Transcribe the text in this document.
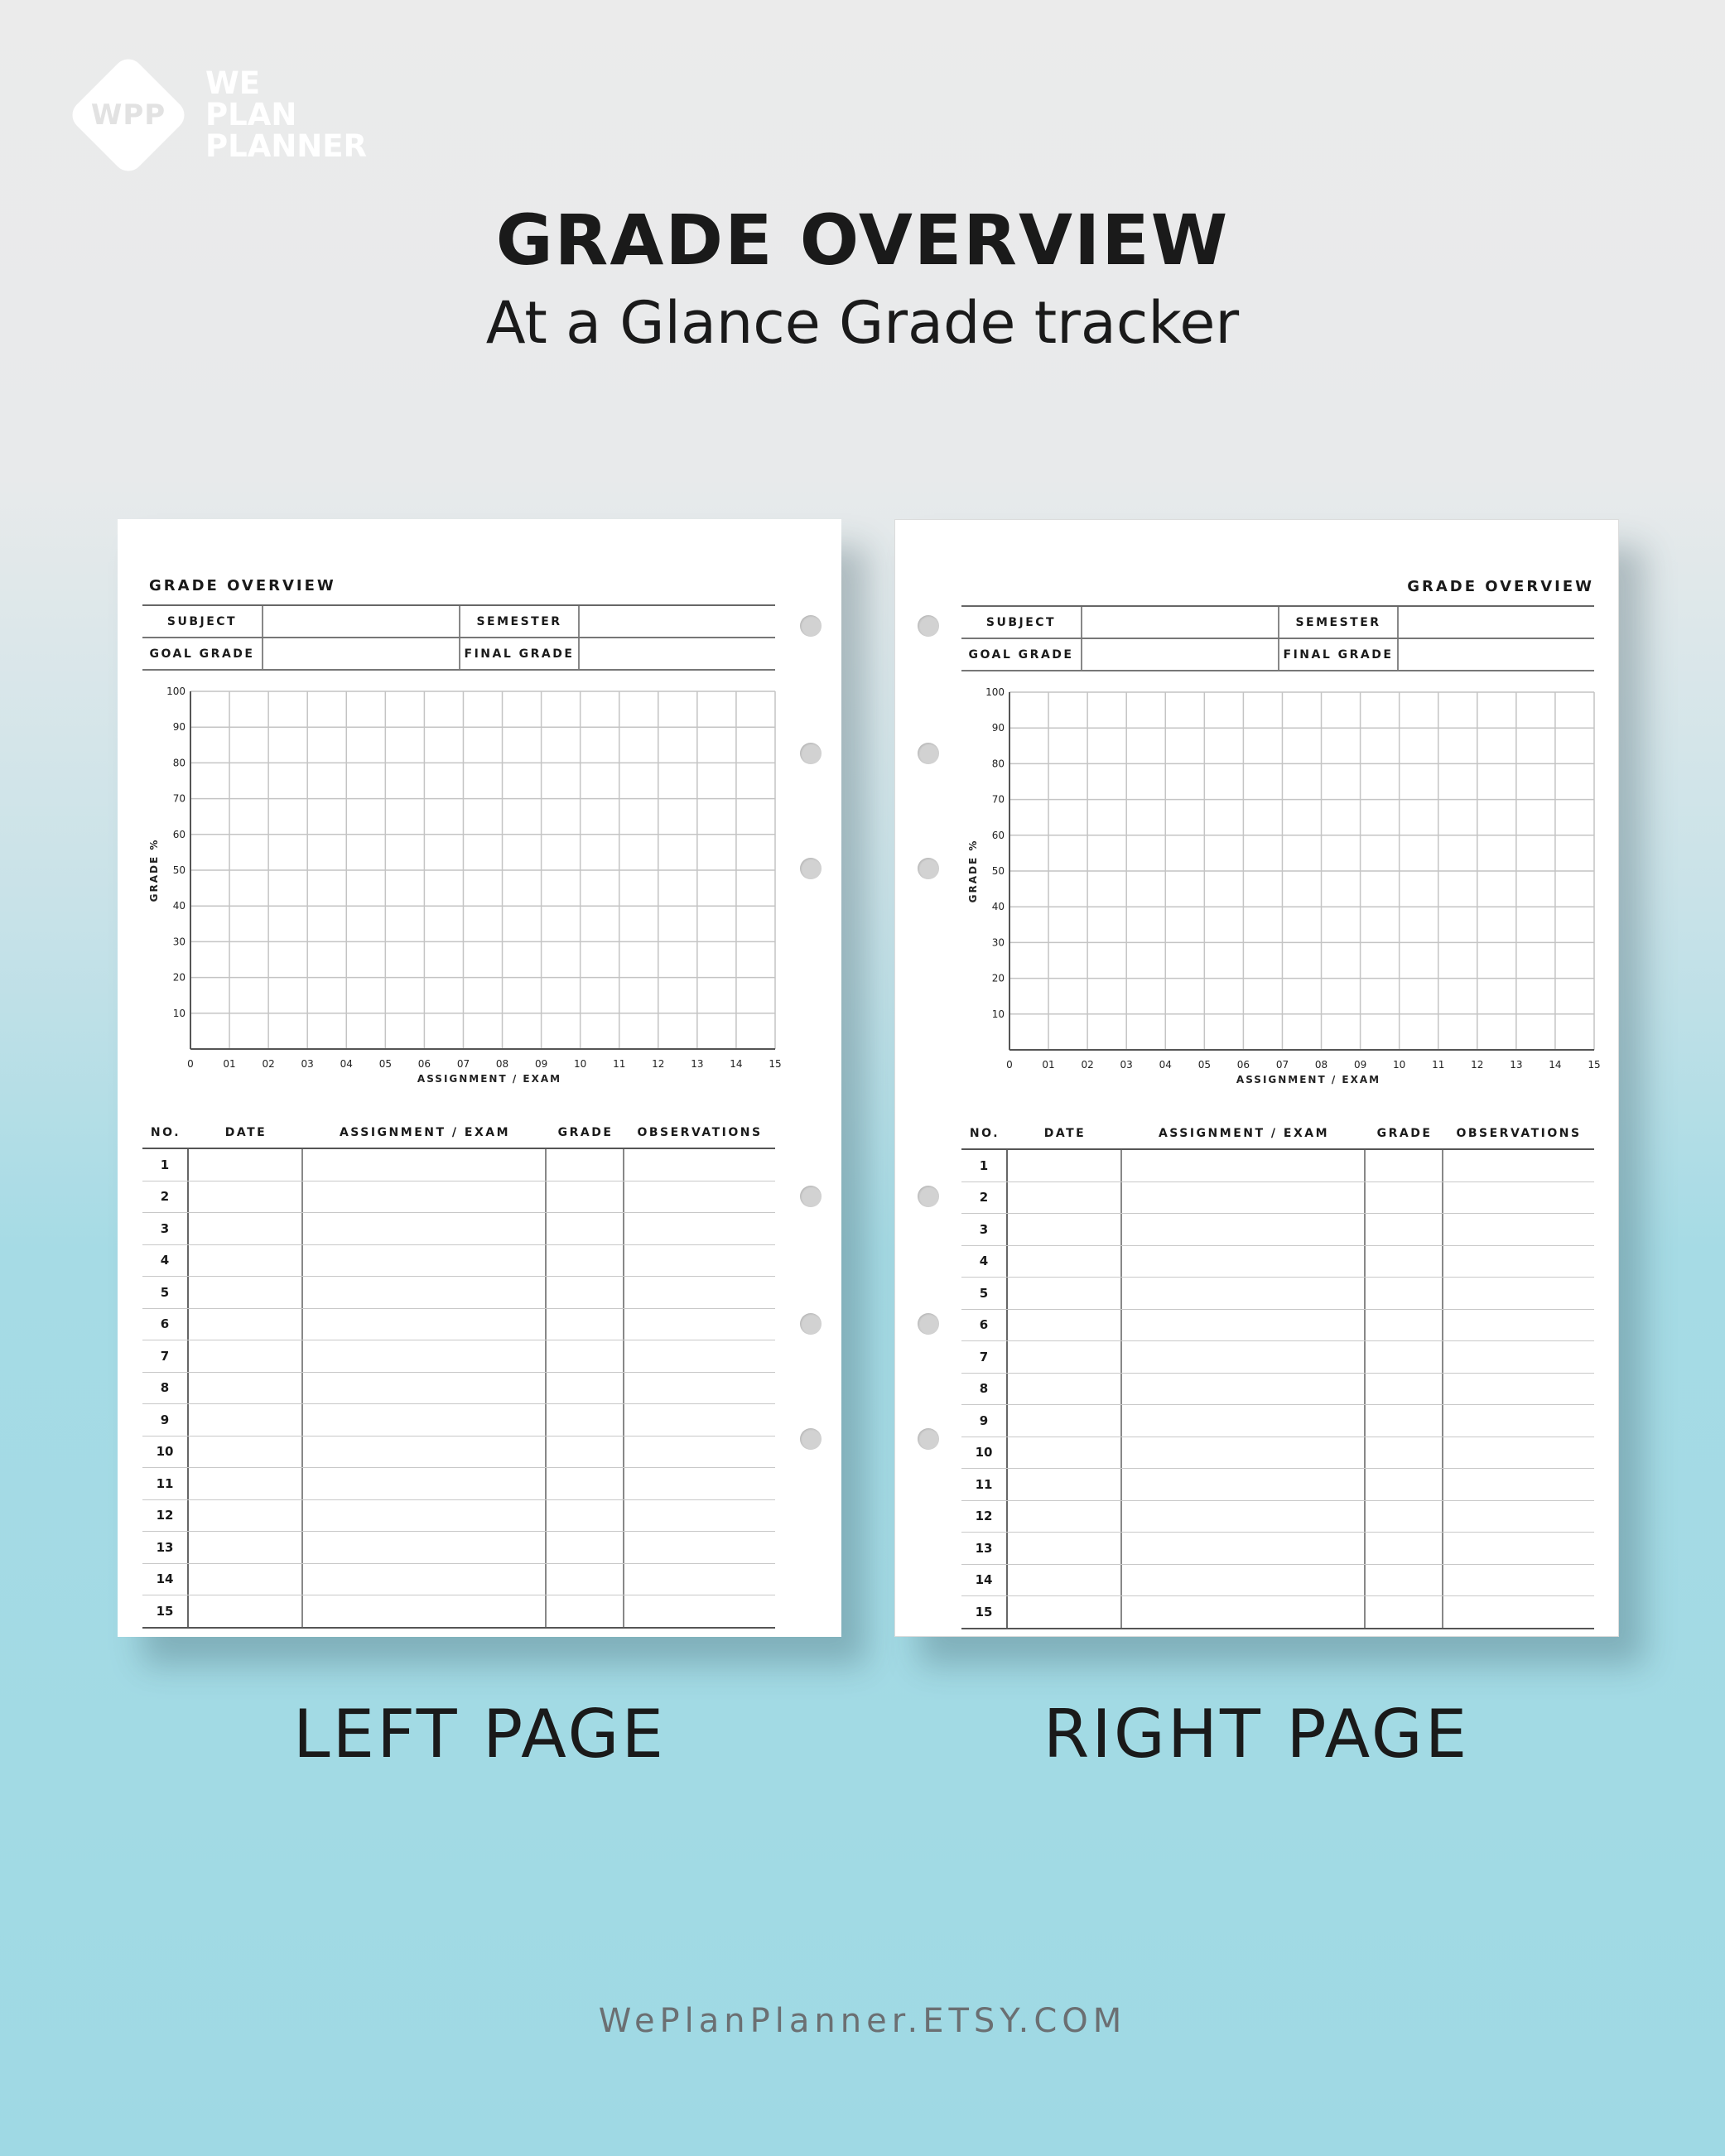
WPP
WE
PLAN
PLANNER
GRADE OVERVIEW
At a Glance Grade tracker
GRADE OVERVIEW
SUBJECT	SEMESTER
GOAL GRADE	FINAL GRADE
100
90
80
70
60
50
40
30
20
10
0	01	02	03	04	05	06	07	08	09	10	11	12	13	14	15
ASSIGNMENT / EXAM
GRADE %
NO.	DATE	ASSIGNMENT / EXAM	GRADE	OBSERVATIONS
1
2
3
4
5
6
7
8
9
10
11
12
13
14
15
GRADE OVERVIEW
SUBJECT	SEMESTER
GOAL GRADE	FINAL GRADE
100
90
80
70
60
50
40
30
20
10
0	01	02	03	04	05	06	07	08	09	10	11	12	13	14	15
ASSIGNMENT / EXAM
GRADE %
NO.	DATE	ASSIGNMENT / EXAM	GRADE	OBSERVATIONS
1
2
3
4
5
6
7
8
9
10
11
12
13
14
15
LEFT PAGE	RIGHT PAGE
WePlanPlanner.ETSY.COM
